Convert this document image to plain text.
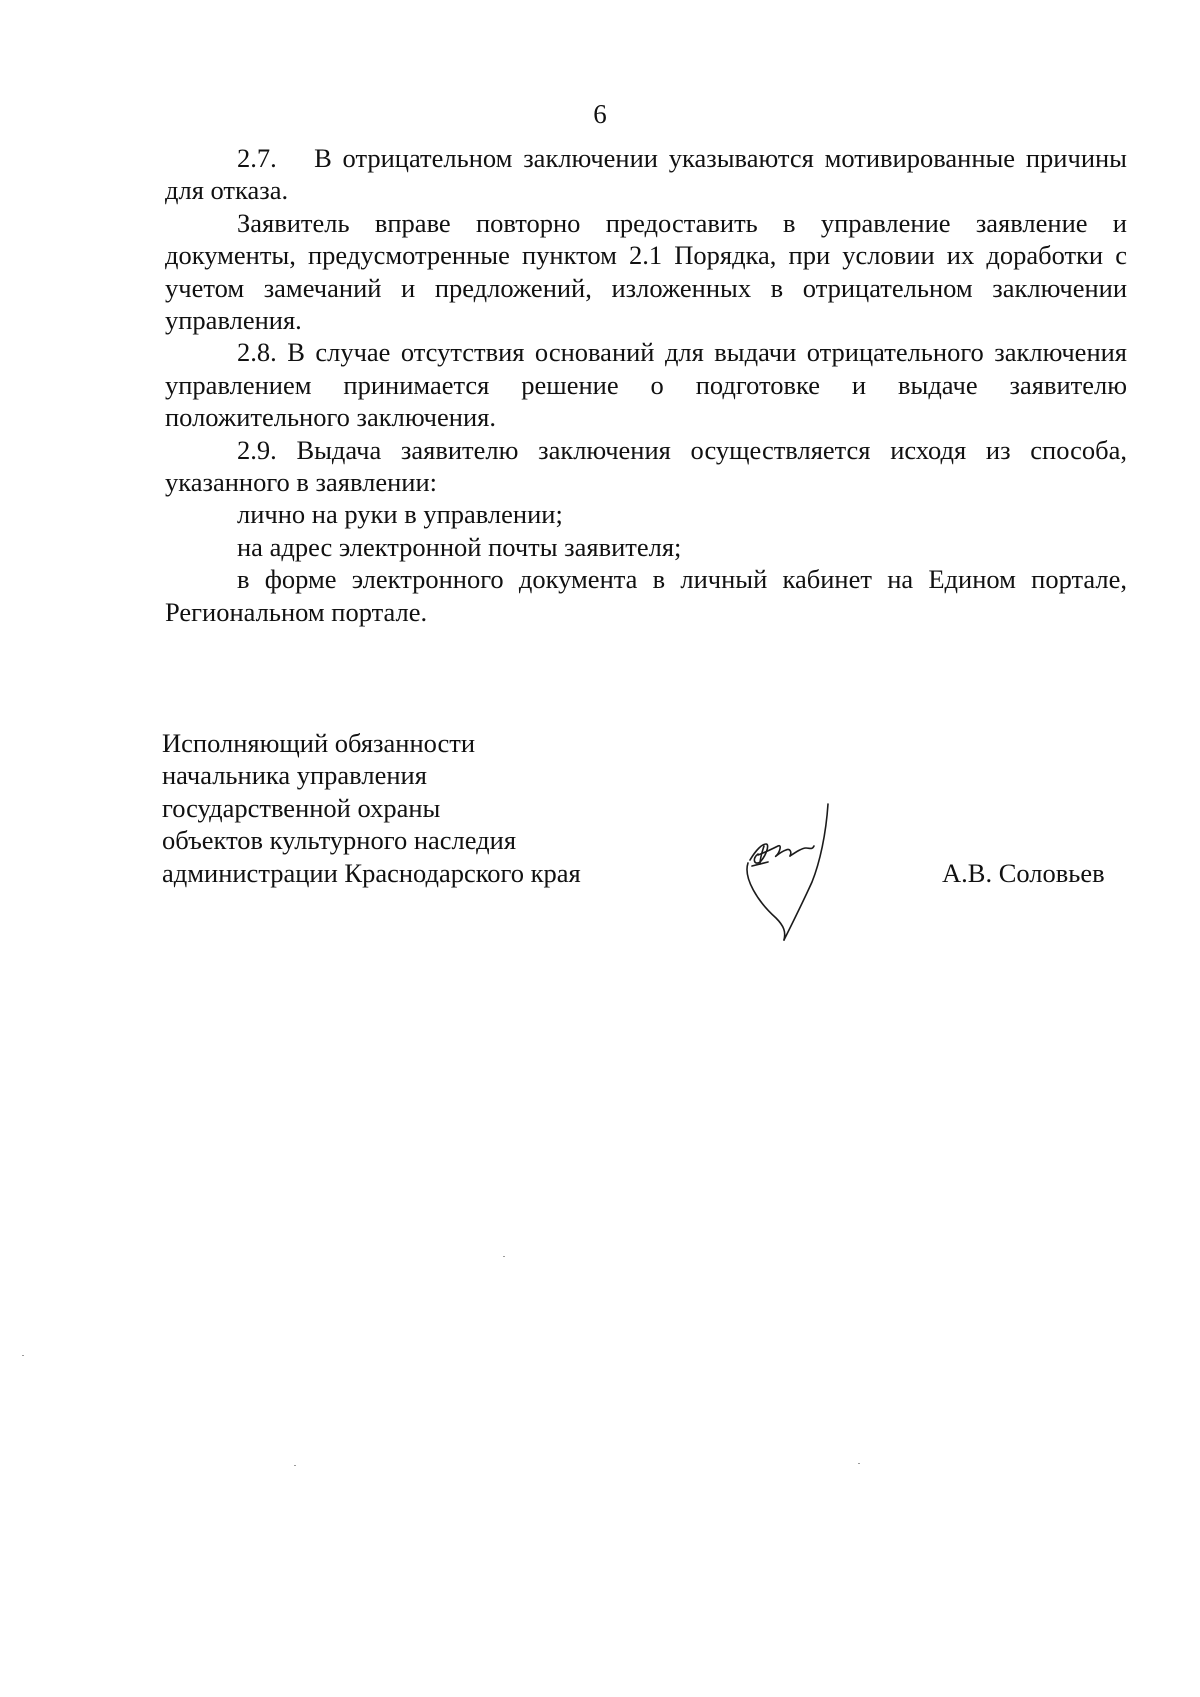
6

2.7.  В отрицательном заключении указываются мотивированные причины для отказа.

Заявитель вправе повторно предоставить в управление заявление и документы, предусмотренные пунктом 2.1 Порядка, при условии их доработки с учетом замечаний и предложений, изложенных в отрицательном заключении управления.

2.8. В случае отсутствия оснований для выдачи отрицательного заключения управлением принимается решение о подготовке и выдаче заявителю положительного заключения.

2.9. Выдача заявителю заключения осуществляется исходя из способа, указанного в заявлении:

лично на руки в управлении;

на адрес электронной почты заявителя;

в форме электронного документа в личный кабинет на Едином портале, Региональном портале.

Исполняющий обязанности
начальника управления
государственной охраны
объектов культурного наследия
администрации Краснодарского края	А.В. Соловьев
